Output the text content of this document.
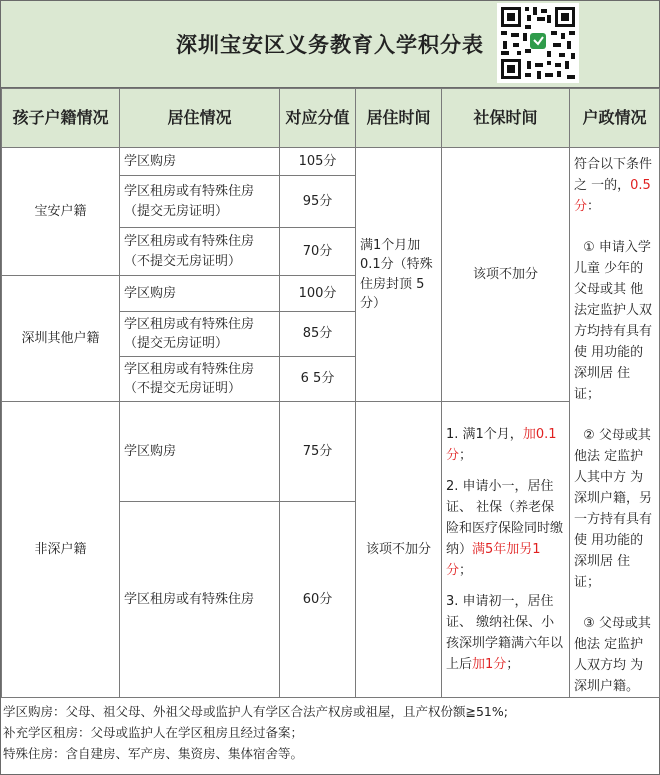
深圳宝安区义务教育入学积分表
孩子户籍情况	居住情况	对应分值	居住时间	社保时间	户政情况
宝安户籍	学区购房	105分	满1个月加0.1分（特殊住房封顶 5分）	该项不加分	符合以下条件之 一的，0.5分：
① 申请入学儿童 少年的父母或其 他法定监护人双方均持有具有使 用功能的深圳居 住证；
② 父母或其他法 定监护人其中方 为深圳户籍，另一方持有具有使 用功能的深圳居 住证；
③ 父母或其他法 定监护人双方均 为深圳户籍。

	学区租房或有特殊住房
（提交无房证明）	95分			

	学区租房或有特殊住房
（不提交无房证明）	70分			
深圳其他户籍	学区购房	100分			

	学区租房或有特殊住房
（提交无房证明）	85分			

	学区租房或有特殊住房
（不提交无房证明）	6 5分			
非深户籍	学区购房	75分	该项不加分	1. 满1个月，加0.1分；
2. 申请小一，居住证、 社保（养老保险和医疗保险同时缴纳）满5年加另1分；
3. 申请初一，居住证、 缴纳社保、小孩深圳学籍满六年以上后加1分；	

	学区租房或有特殊住房	60分			
学区购房：父母、祖父母、外祖父母或监护人有学区合法产权房或祖屋，且产权份额≧51%;
补充学区租房：父母或监护人在学区租房且经过备案；
特殊住房：含自建房、军产房、集资房、集体宿舍等。
